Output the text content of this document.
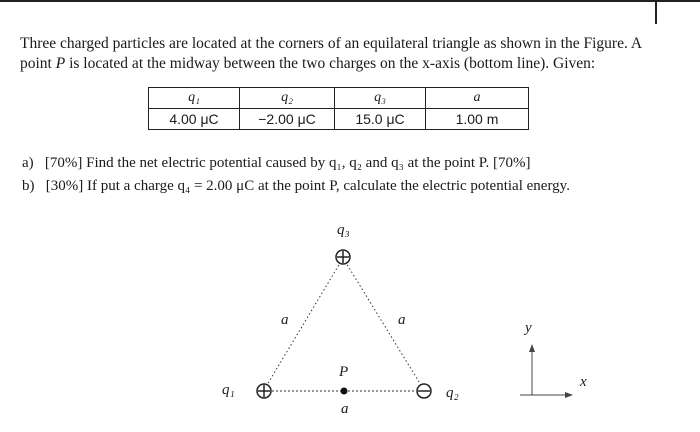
Three charged particles are located at the corners of an equilateral triangle as shown in the Figure. A
point P is located at the midway between the two charges on the x-axis (bottom line). Given:
q₁	q₂	q₃	a
4.00 μC	−2.00 μC	15.0 μC	1.00 m
a) [70%] Find the net electric potential caused by q₁, q₂ and q₃ at the point P. [70%]
b) [30%] If put a charge q₄ = 2.00 μC at the point P, calculate the electric potential energy.
q₃
a	a
P
q₁	q₂
a
y
x
